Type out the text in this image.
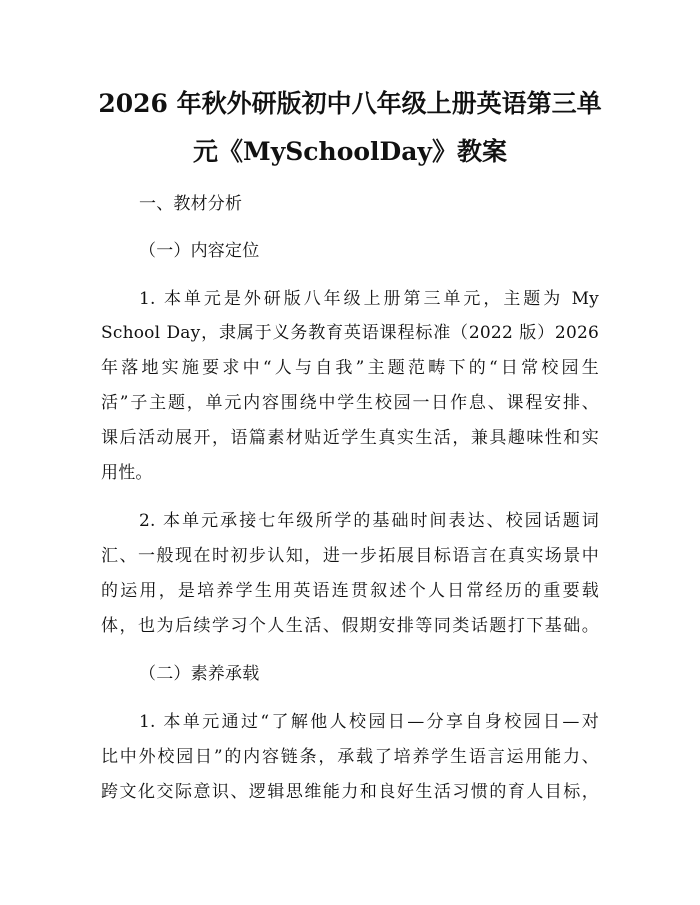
2026 年秋外研版初中八年级上册英语第三单
元《MySchoolDay》教案
一、教材分析
（一）内容定位
1. 本单元是外研版八年级上册第三单元，主题为 My
School Day，隶属于义务教育英语课程标准（2022 版）2026
年落地实施要求中“人与自我”主题范畴下的“日常校园生
活”子主题，单元内容围绕中学生校园一日作息、课程安排、
课后活动展开，语篇素材贴近学生真实生活，兼具趣味性和实
用性。
2. 本单元承接七年级所学的基础时间表达、校园话题词
汇、一般现在时初步认知，进一步拓展目标语言在真实场景中
的运用，是培养学生用英语连贯叙述个人日常经历的重要载
体，也为后续学习个人生活、假期安排等同类话题打下基础。
（二）素养承载
1. 本单元通过“了解他人校园日—分享自身校园日—对
比中外校园日”的内容链条，承载了培养学生语言运用能力、
跨文化交际意识、逻辑思维能力和良好生活习惯的育人目标，
